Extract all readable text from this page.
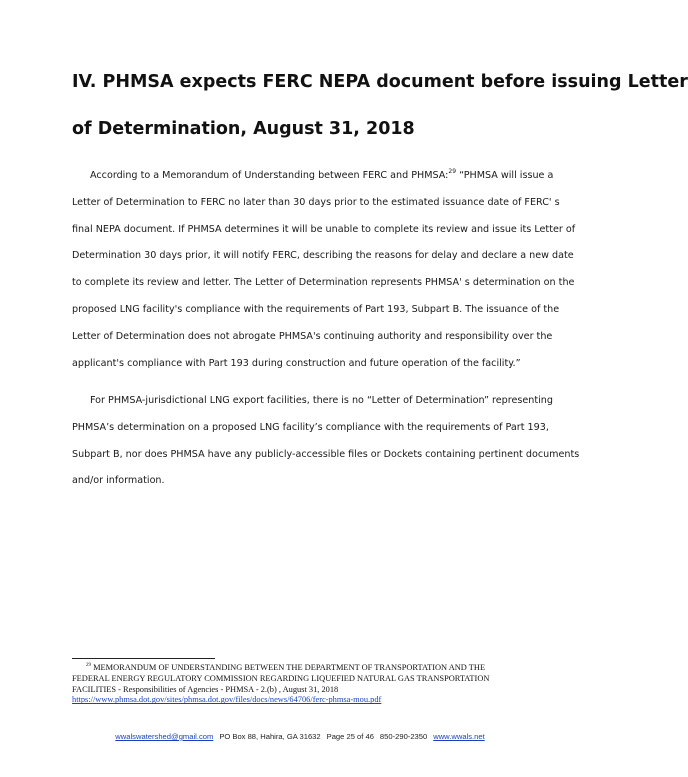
IV. PHMSA expects FERC NEPA document before issuing Letter
of Determination, August 31, 2018
According to a Memorandum of Understanding between FERC and PHMSA:$^{29}$ “PHMSA will issue a
Letter of Determination to FERC no later than 30 days prior to the estimated issuance date of FERC' s
final NEPA document. If PHMSA determines it will be unable to complete its review and issue its Letter of
Determination 30 days prior, it will notify FERC, describing the reasons for delay and declare a new date
to complete its review and letter. The Letter of Determination represents PHMSA' s determination on the
proposed LNG facility's compliance with the requirements of Part 193, Subpart B. The issuance of the
Letter of Determination does not abrogate PHMSA's continuing authority and responsibility over the
applicant's compliance with Part 193 during construction and future operation of the facility.”
For PHMSA-jurisdictional LNG export facilities, there is no “Letter of Determination” representing
PHMSA’s determination on a proposed LNG facility’s compliance with the requirements of Part 193,
Subpart B, nor does PHMSA have any publicly-accessible files or Dockets containing pertinent documents
and/or information.
$^{29}$ MEMORANDUM OF UNDERSTANDING BETWEEN THE DEPARTMENT OF TRANSPORTATION AND THE
FEDERAL ENERGY REGULATORY COMMISSION REGARDING LIQUEFIED NATURAL GAS TRANSPORTATION
FACILITIES - Responsibilities of Agencies - PHMSA - 2.(b) , August 31, 2018
https://www.phmsa.dot.gov/sites/phmsa.dot.gov/files/docs/news/64706/ferc-phmsa-mou.pdf
wwalswatershed@gmail.com PO Box 88, Hahira, GA 31632 Page 25 of 46 850-290-2350 www.wwals.net
